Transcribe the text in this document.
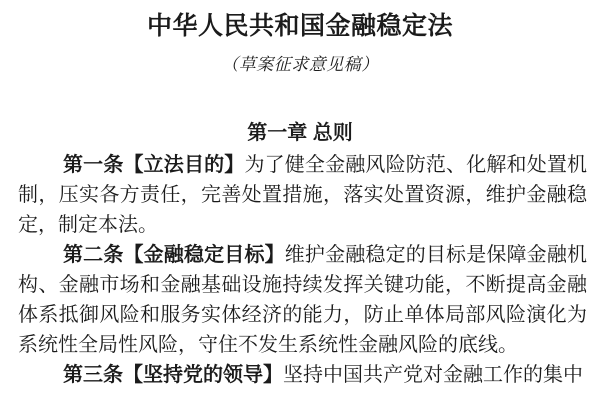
中华人民共和国金融稳定法
（草案征求意见稿）
第一章 总则

第一条【立法目的】为了健全金融风险防范、化解和处置机制，压实各方责任，完善处置措施，落实处置资源，维护金融稳定，制定本法。

第二条【金融稳定目标】维护金融稳定的目标是保障金融机构、金融市场和金融基础设施持续发挥关键功能，不断提高金融体系抵御风险和服务实体经济的能力，防止单体局部风险演化为系统性全局性风险，守住不发生系统性金融风险的底线。

第三条【坚持党的领导】坚持中国共产党对金融工作的集中
